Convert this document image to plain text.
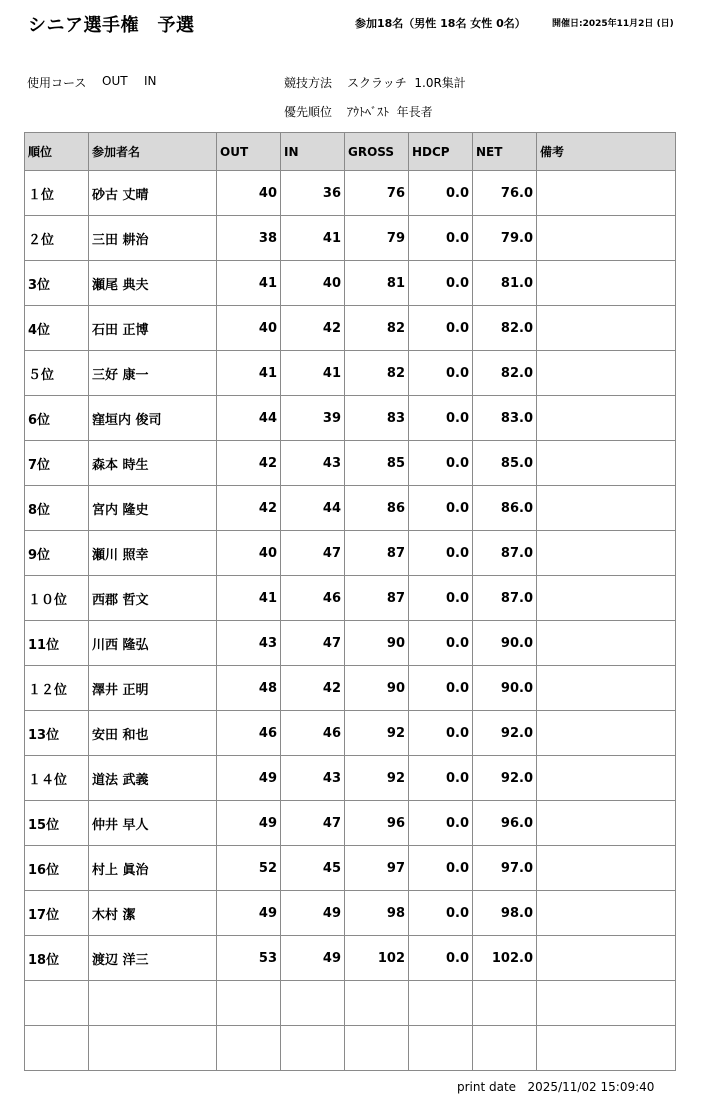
シニア選手権　予選	参加18名（男性 18名 女性 0名）	開催日:2025年11月2日 (日)
使用コース OUT IN	競技方法 スクラッチ  1.0R集計
優先順位 ｱｳﾄﾍﾞｽﾄ  年長者
順位	参加者名	OUT	IN	GROSS	HDCP	NET	備考
１位	砂古 丈晴	40	36	76	0.0	76.0	
２位	三田 耕治	38	41	79	0.0	79.0	
3位	瀬尾 典夫	41	40	81	0.0	81.0	
4位	石田 正博	40	42	82	0.0	82.0	
５位	三好 康一	41	41	82	0.0	82.0	
6位	窪垣内 俊司	44	39	83	0.0	83.0	
7位	森本 時生	42	43	85	0.0	85.0	
8位	宮内 隆史	42	44	86	0.0	86.0	
9位	瀬川 照幸	40	47	87	0.0	87.0	
１０位	西郡 哲文	41	46	87	0.0	87.0	
11位	川西 隆弘	43	47	90	0.0	90.0	
１２位	澤井 正明	48	42	90	0.0	90.0	
13位	安田 和也	46	46	92	0.0	92.0	
１４位	道法 武義	49	43	92	0.0	92.0	
15位	仲井 早人	49	47	96	0.0	96.0	
16位	村上 眞治	52	45	97	0.0	97.0	
17位	木村 潔	49	49	98	0.0	98.0	
18位	渡辺 洋三	53	49	102	0.0	102.0	

print date 2025/11/02 15:09:40
